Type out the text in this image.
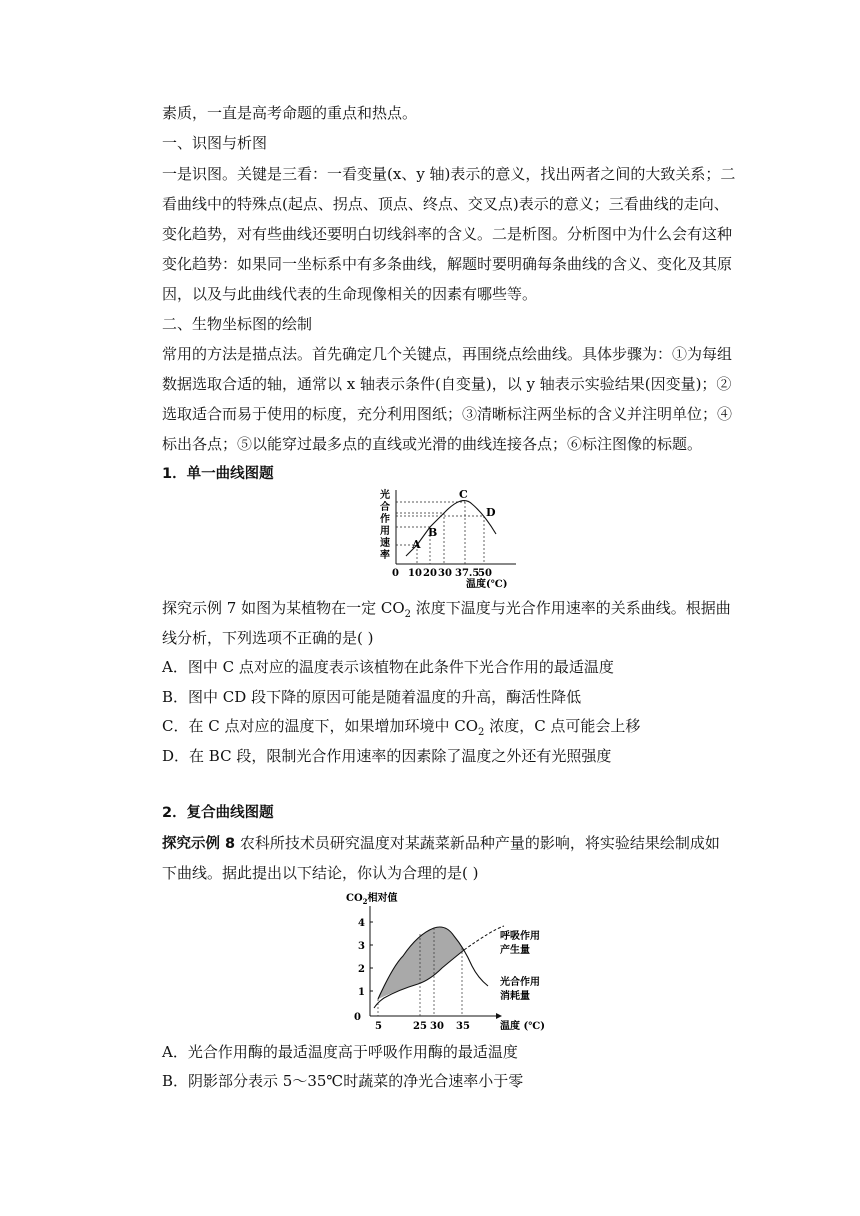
素质，一直是高考命题的重点和热点。
一、识图与析图
一是识图。关键是三看：一看变量(x、y 轴)表示的意义，找出两者之间的大致关系；二
看曲线中的特殊点(起点、拐点、顶点、终点、交叉点)表示的意义；三看曲线的走向、
变化趋势，对有些曲线还要明白切线斜率的含义。二是析图。分析图中为什么会有这种
变化趋势：如果同一坐标系中有多条曲线，解题时要明确每条曲线的含义、变化及其原
因，以及与此曲线代表的生命现像相关的因素有哪些等。
二、生物坐标图的绘制
常用的方法是描点法。首先确定几个关键点，再围绕点绘曲线。具体步骤为：①为每组
数据选取合适的轴，通常以 x 轴表示条件(自变量)，以 y 轴表示实验结果(因变量)；②
选取适合而易于使用的标度，充分利用图纸；③清晰标注两坐标的含义并注明单位；④
标出各点；⑤以能穿过最多点的直线或光滑的曲线连接各点；⑥标注图像的标题。
1．单一曲线图题
光
合
作
用
速
率
A
B
C
D
0 10 20 30 37.5
50
温度(℃)
探究示例 7 如图为某植物在一定 $CO_2$ 浓度下温度与光合作用速率的关系曲线。根据曲
线分析，下列选项不正确的是( )
A．图中 C 点对应的温度表示该植物在此条件下光合作用的最适温度
B．图中 CD 段下降的原因可能是随着温度的升高，酶活性降低
C．在 C 点对应的温度下，如果增加环境中 $CO_2$ 浓度，C 点可能会上移
D．在 BC 段，限制光合作用速率的因素除了温度之外还有光照强度
2．复合曲线图题
探究示例 8 农科所技术员研究温度对某蔬菜新品种产量的影响，将实验结果绘制成如
下曲线。据此提出以下结论，你认为合理的是( )
$CO_2$相对值
0
1
2
3
4
5	25 30 35	温度 (℃)
呼吸作用
产生量
光合作用
消耗量
A．光合作用酶的最适温度高于呼吸作用酶的最适温度
B．阴影部分表示 5～35℃时蔬菜的净光合速率小于零
